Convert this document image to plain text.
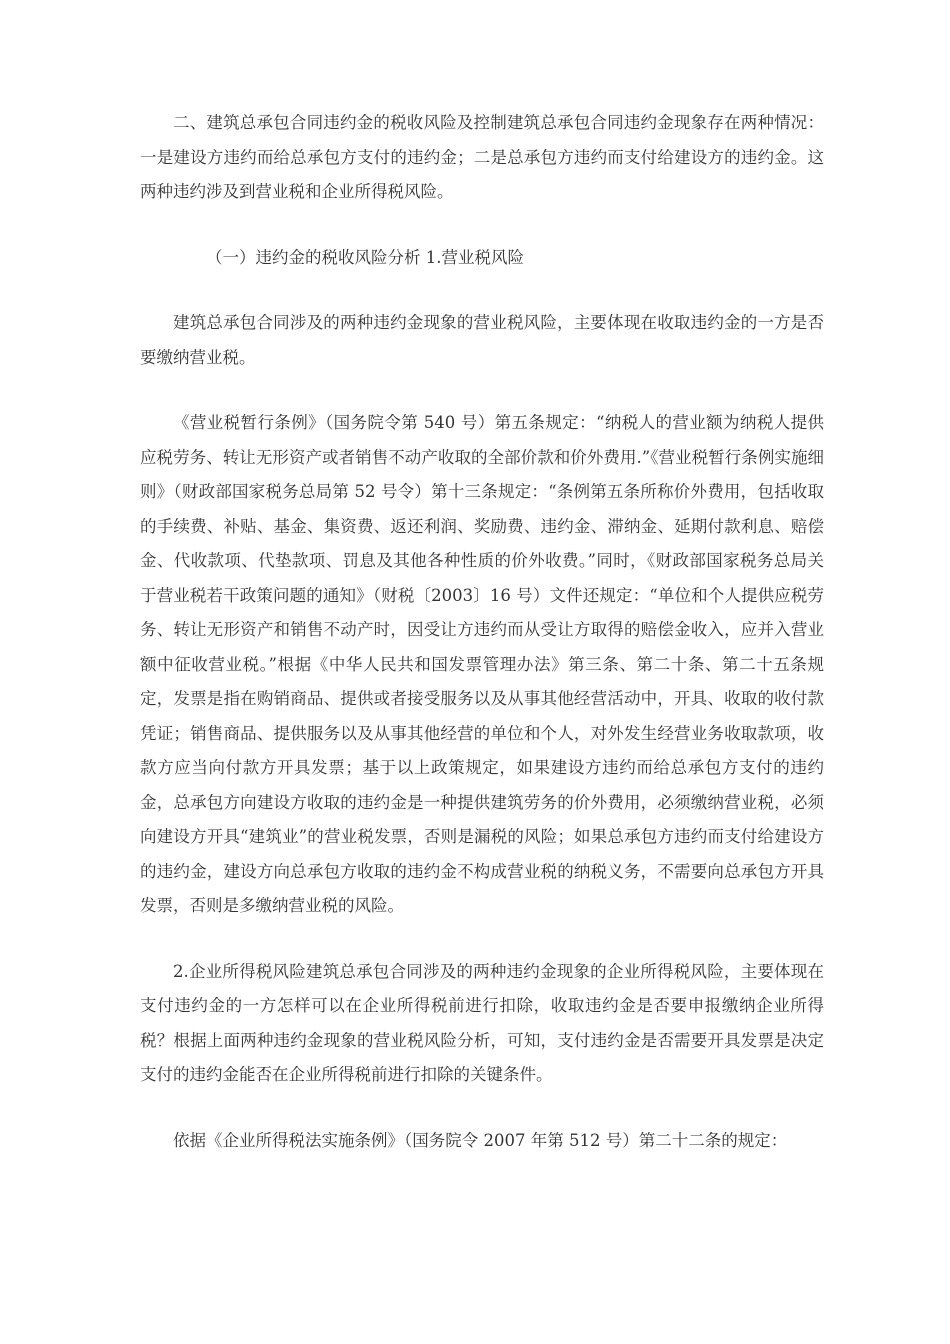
二、建筑总承包合同违约金的税收风险及控制建筑总承包合同违约金现象存在两种情况：一是建设方违约而给总承包方支付的违约金；二是总承包方违约而支付给建设方的违约金。这两种违约涉及到营业税和企业所得税风险。

（一）违约金的税收风险分析 1.营业税风险

建筑总承包合同涉及的两种违约金现象的营业税风险，主要体现在收取违约金的一方是否要缴纳营业税。

《营业税暂行条例》（国务院令第 540 号）第五条规定：“纳税人的营业额为纳税人提供应税劳务、转让无形资产或者销售不动产收取的全部价款和价外费用.”《营业税暂行条例实施细则》（财政部国家税务总局第 52 号令）第十三条规定：“条例第五条所称价外费用，包括收取的手续费、补贴、基金、集资费、返还利润、奖励费、违约金、滞纳金、延期付款利息、赔偿金、代收款项、代垫款项、罚息及其他各种性质的价外收费。”同时，《财政部国家税务总局关于营业税若干政策问题的通知》（财税〔2003〕16 号）文件还规定：“单位和个人提供应税劳务、转让无形资产和销售不动产时，因受让方违约而从受让方取得的赔偿金收入，应并入营业额中征收营业税。”根据《中华人民共和国发票管理办法》第三条、第二十条、第二十五条规定，发票是指在购销商品、提供或者接受服务以及从事其他经营活动中，开具、收取的收付款凭证；销售商品、提供服务以及从事其他经营的单位和个人，对外发生经营业务收取款项，收款方应当向付款方开具发票；基于以上政策规定，如果建设方违约而给总承包方支付的违约金，总承包方向建设方收取的违约金是一种提供建筑劳务的价外费用，必须缴纳营业税，必须向建设方开具“建筑业”的营业税发票，否则是漏税的风险；如果总承包方违约而支付给建设方的违约金，建设方向总承包方收取的违约金不构成营业税的纳税义务，不需要向总承包方开具发票，否则是多缴纳营业税的风险。

2.企业所得税风险建筑总承包合同涉及的两种违约金现象的企业所得税风险，主要体现在支付违约金的一方怎样可以在企业所得税前进行扣除，收取违约金是否要申报缴纳企业所得税？根据上面两种违约金现象的营业税风险分析，可知，支付违约金是否需要开具发票是决定支付的违约金能否在企业所得税前进行扣除的关键条件。

依据《企业所得税法实施条例》（国务院令 2007 年第 512 号）第二十二条的规定：
